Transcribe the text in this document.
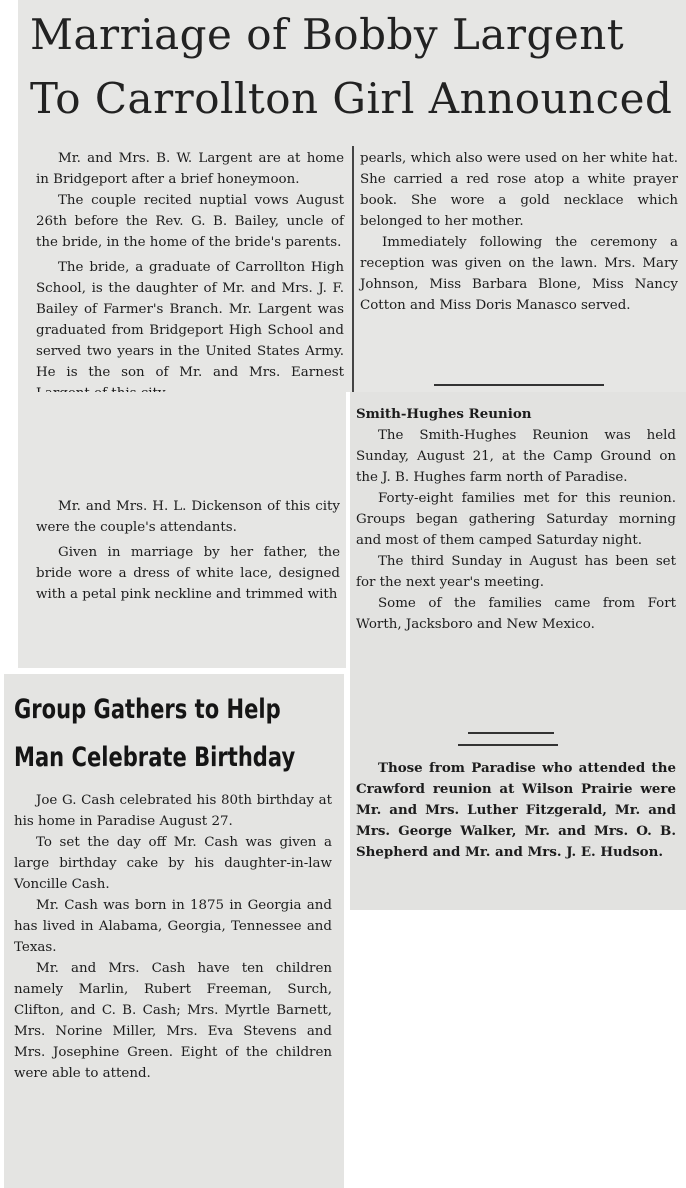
Marriage of Bobby Largent
To Carrollton Girl Announced

Mr. and Mrs. B. W. Largent are at home in Bridgeport after a brief honeymoon.

The couple recited nuptial vows August 26th before the Rev. G. B. Bailey, uncle of the bride, in the home of the bride's parents.

The bride, a graduate of Carrollton High School, is the daughter of Mr. and Mrs. J. F. Bailey of Farmer's Branch. Mr. Largent was graduated from Bridgeport High School and served two years in the United States Army. He is the son of Mr. and Mrs. Earnest

pearls, which also were used on her white hat. She carried a red rose atop a white prayer book. She wore a gold necklace which belonged to her mother.

Immediately following the ceremony a reception was given on the lawn. Mrs. Mary Johnson, Miss Barbara Blone, Miss Nancy Cotton and Miss Doris Manasco served.

Mr. and Mrs. H. L. Dickenson of this city were the couple's attendants.

Given in marriage by her father, the bride wore a dress of white lace, designed with a petal pink neckline and trimmed with

Smith-Hughes Reunion

The Smith-Hughes Reunion was held Sunday, August 21, at the Camp Ground on the J. B. Hughes farm north of Paradise.

Forty-eight families met for this reunion. Groups began gathering Saturday morning and most of them camped Saturday night.

The third Sunday in August has been set for the next year's meeting.

Some of the families came from Fort Worth, Jacksboro and New Mexico.

Those from Paradise who attended the Crawford reunion at Wilson Prairie were Mr. and Mrs. Luther Fitzgerald, Mr. and Mrs. George Walker, Mr. and Mrs. O. B. Shepherd and Mr. and Mrs. J. E. Hudson.

Group Gathers to Help
Man Celebrate Birthday

Joe G. Cash celebrated his 80th birthday at his home in Paradise August 27.

To set the day off Mr. Cash was given a large birthday cake by his daughter-in-law Voncille Cash.

Mr. Cash was born in 1875 in Georgia and has lived in Alabama, Georgia, Tennessee and Texas.

Mr. and Mrs. Cash have ten children namely Marlin, Rubert Freeman, Surch, Clifton, and C. B. Cash; Mrs. Myrtle Barnett, Mrs. Norine Miller, Mrs. Eva Stevens and Mrs. Josephine Green. Eight of the children were able to attend.
